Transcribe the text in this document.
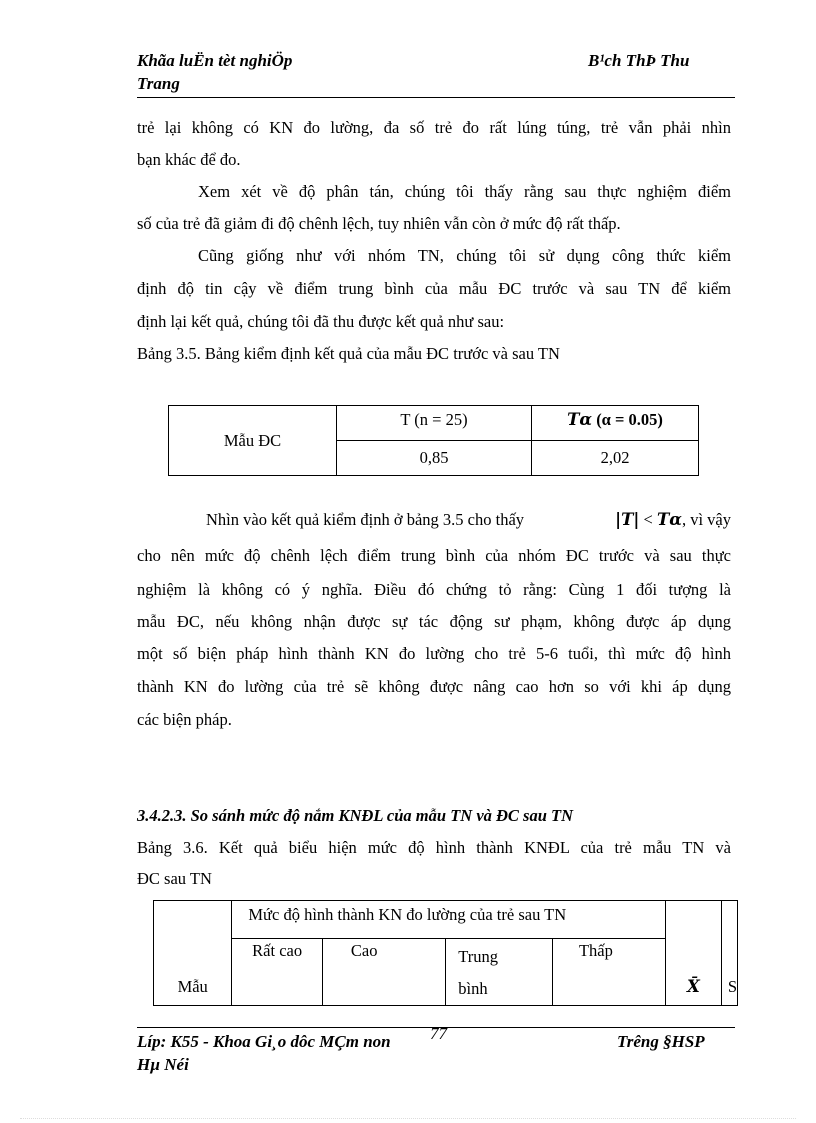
Khãa luËn tèt nghiÖp	B¹ch ThÞ Thu
Trang
trẻ lại không có KN đo lường, đa số trẻ đo rất lúng túng, trẻ vẫn phải nhìn
bạn khác để đo.
Xem xét về độ phân tán, chúng tôi thấy rằng sau thực nghiệm điểm
số của trẻ đã giảm đi độ chênh lệch, tuy nhiên vẫn còn ở mức độ rất thấp.
Cũng giống như với nhóm TN, chúng tôi sử dụng công thức kiểm
định độ tin cậy về điểm trung bình của mẫu ĐC trước và sau TN để kiểm
định lại kết quả, chúng tôi đã thu được kết quả như sau:
Bảng 3.5. Bảng kiểm định kết quả của mẫu ĐC trước và sau TN
Mẫu ĐC	T (n = 25)	Tα (α = 0.05)
	0,85	2,02
Nhìn vào kết quả kiểm định ở bảng 3.5 cho thấy	|T| < Tα, vì vậy
cho nên mức độ chênh lệch điểm trung bình của nhóm ĐC trước và sau thực
nghiệm là không có ý nghĩa. Điều đó chứng tỏ rằng: Cùng 1 đối tượng là
mẫu ĐC, nếu không nhận được sự tác động sư phạm, không được áp dụng
một số biện pháp hình thành KN đo lường cho trẻ 5-6 tuổi, thì mức độ hình
thành KN đo lường của trẻ sẽ không được nâng cao hơn so với khi áp dụng
các biện pháp.
3.4.2.3. So sánh mức độ nắm KNĐL của mẫu TN và ĐC sau TN
Bảng 3.6. Kết quả biểu hiện mức độ hình thành KNĐL của trẻ mẫu TN và
ĐC sau TN
Mẫu	Mức độ hình thành KN đo lường của trẻ sau TN				X̄	S
	Rất cao	Cao	Trung
bình	Thấp		
Líp: K55 - Khoa Gi¸o dôc MÇm non 77	Trêng §HSP
Hµ Néi
